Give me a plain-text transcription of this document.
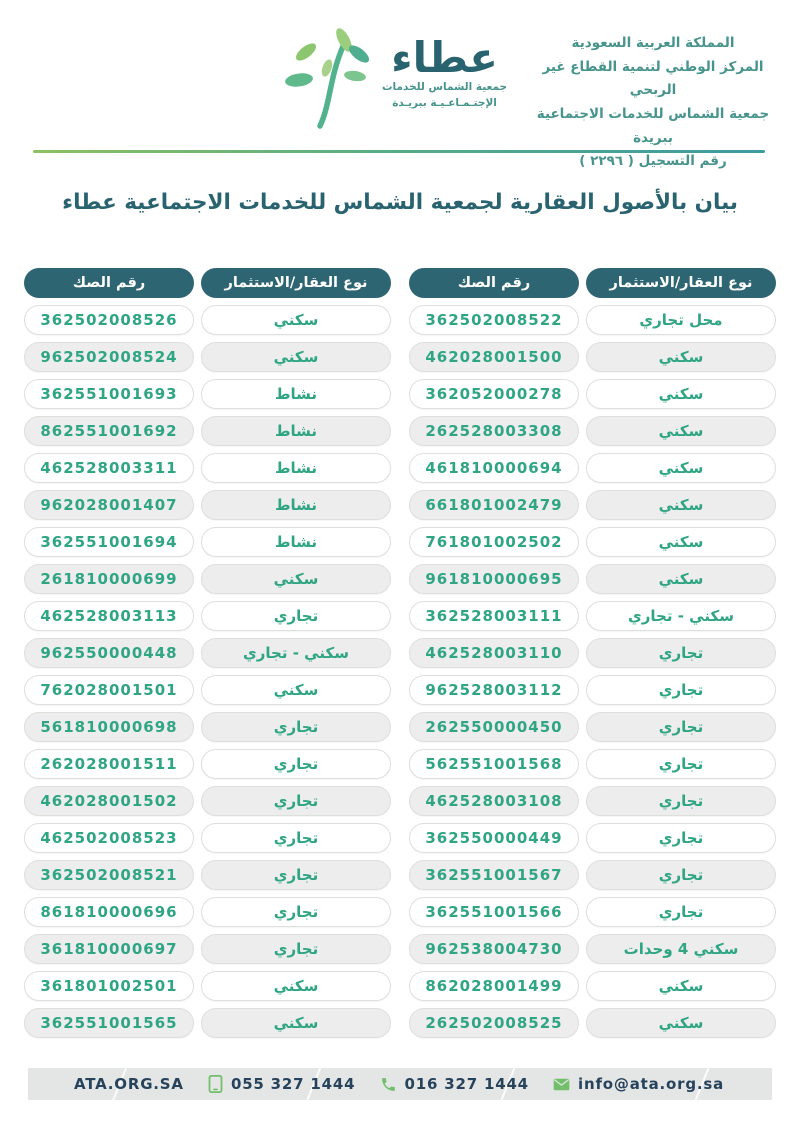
عطاء
جمعية الشماس للخدمات
الإجتـمـاعـيـة ببريـدة
المملكة العربية السعودية
المركز الوطني لتنمية القطاع غير الربحي
جمعية الشماس للخدمات الاجتماعية ببريدة
رقم التسجيل ( ٢٢٩٦ )
بيان بالأصول العقارية لجمعية الشماس للخدمات الاجتماعية عطاء
نوع العقار/الاستثمار
رقم الصك
محل تجاري
362502008522
سكني
462028001500
سكني
362052000278
سكني
262528003308
سكني
461810000694
سكني
661801002479
سكني
761801002502
سكني
961810000695
سكني - تجاري
362528003111
تجاري
462528003110
تجاري
962528003112
تجاري
262550000450
تجاري
562551001568
تجاري
462528003108
تجاري
362550000449
تجاري
362551001567
تجاري
362551001566
سكني 4 وحدات
962538004730
سكني
862028001499
سكني
262502008525
نوع العقار/الاستثمار
رقم الصك
سكني
362502008526
سكني
962502008524
نشاط
362551001693
نشاط
862551001692
نشاط
462528003311
نشاط
962028001407
نشاط
362551001694
سكني
261810000699
تجاري
462528003113
سكني - تجاري
962550000448
سكني
762028001501
تجاري
561810000698
تجاري
262028001511
تجاري
462028001502
تجاري
462502008523
تجاري
362502008521
تجاري
861810000696
تجاري
361810000697
سكني
361801002501
سكني
362551001565
ATA.ORG.SA	055 327 1444	016 327 1444	info@ata.org.sa
